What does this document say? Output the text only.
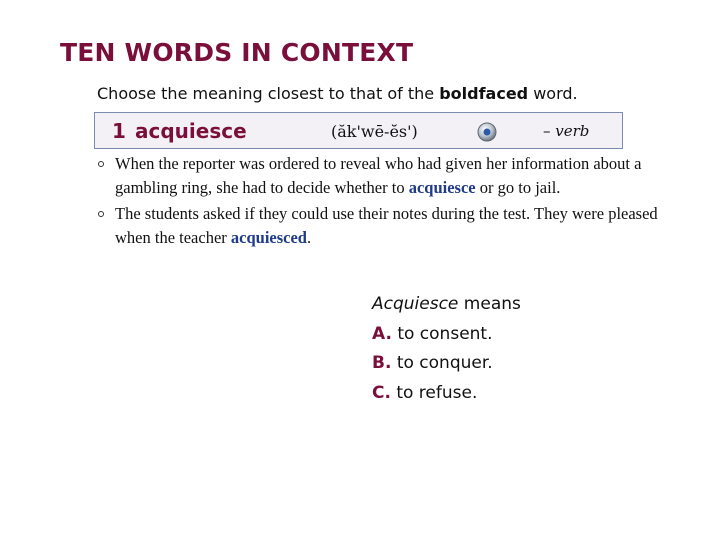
TEN WORDS IN CONTEXT
Choose the meaning closest to that of the boldfaced word.
1 acquiesce	(ăk'wē-ĕs')	– verb
When the reporter was ordered to reveal who had given her information about a gambling ring, she had to decide whether to acquiesce or go to jail.
The students asked if they could use their notes during the test. They were pleased when the teacher acquiesced.
Acquiesce means
A. to consent.
B. to conquer.
C. to refuse.
